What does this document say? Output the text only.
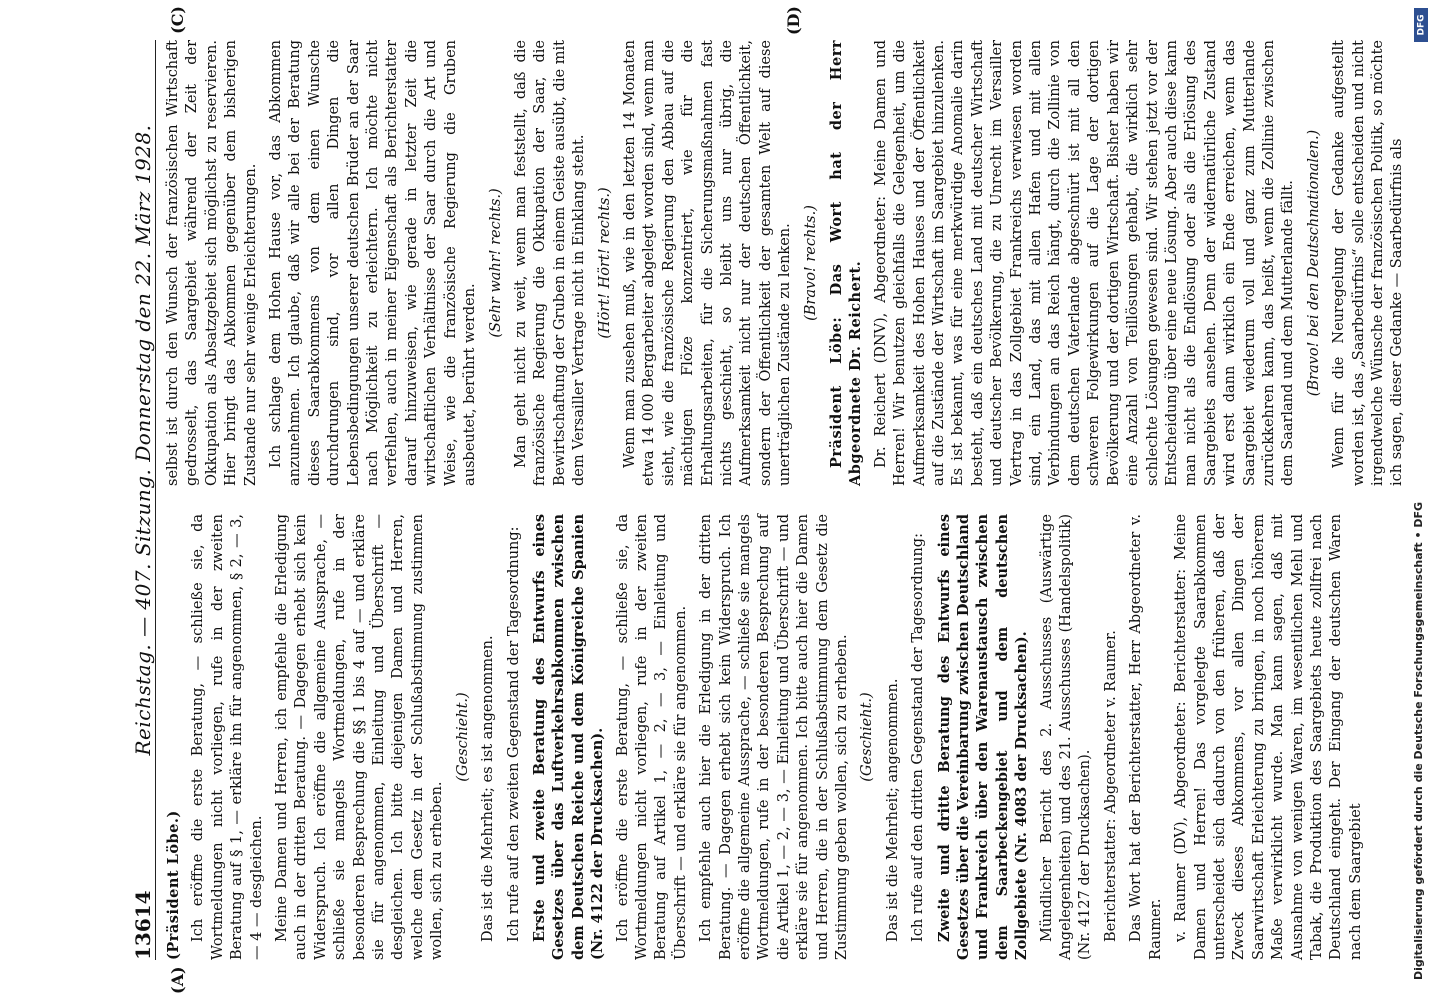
DFG
Digitalisierung gefördert durch die Deutsche Forschungsgemeinschaft • DFG
13614
Reichstag. — 407. Sitzung. Donnerstag den 22. März 1928.
(A)
(C)	(D)

(Präsident Löbe.) Ich eröffne die erste Beratung, — schließe sie, da Wortmeldungen nicht vorliegen, rufe in der zweiten Beratung auf § 1, — erkläre ihn für angenommen, § 2, — 3, — 4 — desgleichen. Meine Damen und Herren, ich empfehle die Erledigung auch in der dritten Beratung. — Dagegen erhebt sich kein Widerspruch. Ich eröffne die allgemeine Aussprache, — schließe sie mangels Wortmeldungen, rufe in der besonderen Besprechung die §§ 1 bis 4 auf — und erkläre sie für angenommen, Einleitung und Überschrift — desgleichen. Ich bitte diejenigen Damen und Herren, welche dem Gesetz in der Schlußabstimmung zustimmen wollen, sich zu erheben.

(Geschieht.) Das ist die Mehrheit; es ist angenommen. Ich rufe auf den zweiten Gegenstand der Tagesordnung: Erste und zweite Beratung des Entwurfs eines Gesetzes über das Luftverkehrsabkommen zwischen dem Deutschen Reiche und dem Königreiche Spanien (Nr. 4122 der Drucksachen). Ich eröffne die erste Beratung, — schließe sie, da Wortmeldungen nicht vorliegen, rufe in der zweiten Beratung auf Artikel 1, — 2, — 3, — Einleitung und Überschrift — und erkläre sie für angenommen. Ich empfehle auch hier die Erledigung in der dritten Beratung. — Dagegen erhebt sich kein Widerspruch. Ich eröffne die allgemeine Aussprache, — schließe sie mangels Wortmeldungen, rufe in der besonderen Besprechung auf die Artikel 1, — 2, — 3, — Einleitung und Überschrift — und erkläre sie für angenommen. Ich bitte auch hier die Damen und Herren, die in der Schlußabstimmung dem Gesetz die Zustimmung geben wollen, sich zu erheben. (Geschieht.) Das ist die Mehrheit; angenommen. Ich rufe auf den dritten Gegenstand der Tagesordnung: Zweite und dritte Beratung des Entwurfs eines Gesetzes über die Vereinbarung zwischen Deutschland und Frankreich über den Warenaustausch zwischen dem Saarbeckengebiet und dem deutschen Zollgebiete (Nr. 4083 der Drucksachen). Mündlicher Bericht des 2. Ausschusses (Auswärtige Angelegenheiten) und des 21. Ausschusses (Handelspolitik) (Nr. 4127 der Drucksachen). Berichterstatter: Abgeordneter v. Raumer. Das Wort hat der Berichterstatter, Herr Abgeordneter v. Raumer. v. Raumer (DV), Abgeordneter: Berichterstatter: Meine Damen und Herren! Das vorgelegte Saarabkommen unterscheidet sich dadurch von den früheren, daß der Zweck dieses Abkommens, vor allen Dingen der Saarwirtschaft Erleichterung zu bringen, in noch höherem Maße verwirklicht wurde. Man kann sagen, daß mit Ausnahme von wenigen Waren, im wesentlichen Mehl und Tabak, die Produktion des Saargebiets heute zollfrei nach Deutschland eingeht. Der Eingang der deutschen Waren nach dem Saargebiet

selbst ist durch den Wunsch der französischen Wirtschaft gedrosselt, das Saargebiet während der Zeit der Okkupation als Absatzgebiet sich möglichst zu reservieren. Hier bringt das Abkommen gegenüber dem bisherigen Zustande nur sehr wenige Erleichterungen. Ich schlage dem Hohen Hause vor, das Abkommen anzunehmen. Ich glaube, daß wir alle bei der Beratung dieses Saarabkommens von dem einen Wunsche durchdrungen sind, vor allen Dingen die Lebensbedingungen unserer deutschen Brüder an der Saar nach Möglichkeit zu erleichtern. Ich möchte nicht verfehlen, auch in meiner Eigenschaft als Berichterstatter darauf hinzuweisen, wie gerade in letzter Zeit die wirtschaftlichen Verhältnisse der Saar durch die Art und Weise, wie die französische Regierung die Gruben ausbeutet, berührt werden.

(Sehr wahr! rechts.) Man geht nicht zu weit, wenn man feststellt, daß die französische Regierung die Okkupation der Saar, die Bewirtschaftung der Gruben in einem Geiste ausübt, die mit dem Versailler Vertrage nicht in Einklang steht. (Hört! Hört! rechts.) Wenn man zusehen muß, wie in den letzten 14 Monaten etwa 14 000 Bergarbeiter abgelegt worden sind, wenn man sieht, wie die französische Regierung den Abbau auf die mächtigen Flöze konzentriert, wie für die Erhaltungsarbeiten, für die Sicherungsmaßnahmen fast nichts geschieht, so bleibt uns nur übrig, die Aufmerksamkeit nicht nur der deutschen Öffentlichkeit, sondern der Öffentlichkeit der gesamten Welt auf diese unerträglichen Zustände zu lenken. (Bravo! rechts.) Präsident Löbe: Das Wort hat der Herr Abgeordnete Dr. Reichert. Dr. Reichert (DNV), Abgeordneter: Meine Damen und Herren! Wir benutzen gleichfalls die Gelegenheit, um die Aufmerksamkeit des Hohen Hauses und der Öffentlichkeit auf die Zustände der Wirtschaft im Saargebiet hinzulenken. Es ist bekannt, was für eine merkwürdige Anomalie darin besteht, daß ein deutsches Land mit deutscher Wirtschaft und deutscher Bevölkerung, die zu Unrecht im Versailler Vertrag in das Zollgebiet Frankreichs verwiesen worden sind, ein Land, das mit allen Hafen und mit allen Verbindungen an das Reich hängt, durch die Zollinie von dem deutschen Vaterlande abgeschnürt ist mit all den schweren Folgewirkungen auf die Lage der dortigen Bevölkerung und der dortigen Wirtschaft. Bisher haben wir eine Anzahl von Teillösungen gehabt, die wirklich sehr schlechte Lösungen gewesen sind. Wir stehen jetzt vor der Entscheidung über eine neue Lösung. Aber auch diese kann man nicht als die Endlösung oder als die Erlösung des Saargebiets ansehen. Denn der widernatürliche Zustand wird erst dann wirklich ein Ende erreichen, wenn das Saargebiet wiederum voll und ganz zum Mutterlande zurückkehren kann, das heißt, wenn die Zollinie zwischen dem Saarland und dem Mutterlande fällt. (Bravo! bei den Deutschnationalen.) Wenn für die Neuregelung der Gedanke aufgestellt worden ist, das „Saarbedürfnis“ solle entscheiden und nicht irgendwelche Wünsche der französischen Politik, so möchte ich sagen, dieser Gedanke — Saarbedürfnis als
